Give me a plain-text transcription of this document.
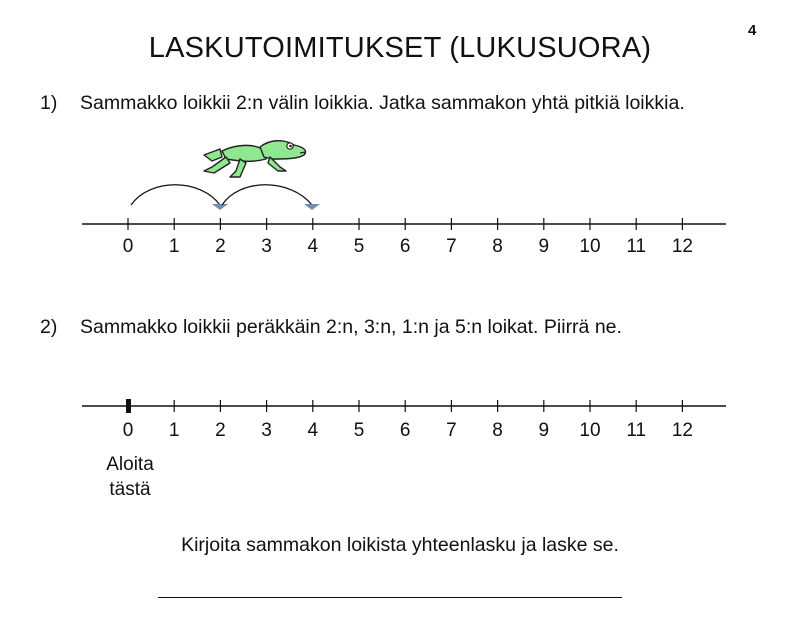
4
LASKUTOIMITUKSET (LUKUSUORA)
1) Sammakko loikkii 2:n välin loikkia. Jatka sammakon yhtä pitkiä loikkia.
0 1 2 3 4 5 6 7 8 9 10 11 12
2) Sammakko loikkii peräkkäin 2:n, 3:n, 1:n ja 5:n loikat. Piirrä ne.
0 1 2 3 4 5 6 7 8 9 10 11 12
Aloita
tästä
Kirjoita sammakon loikista yhteenlasku ja laske se.
